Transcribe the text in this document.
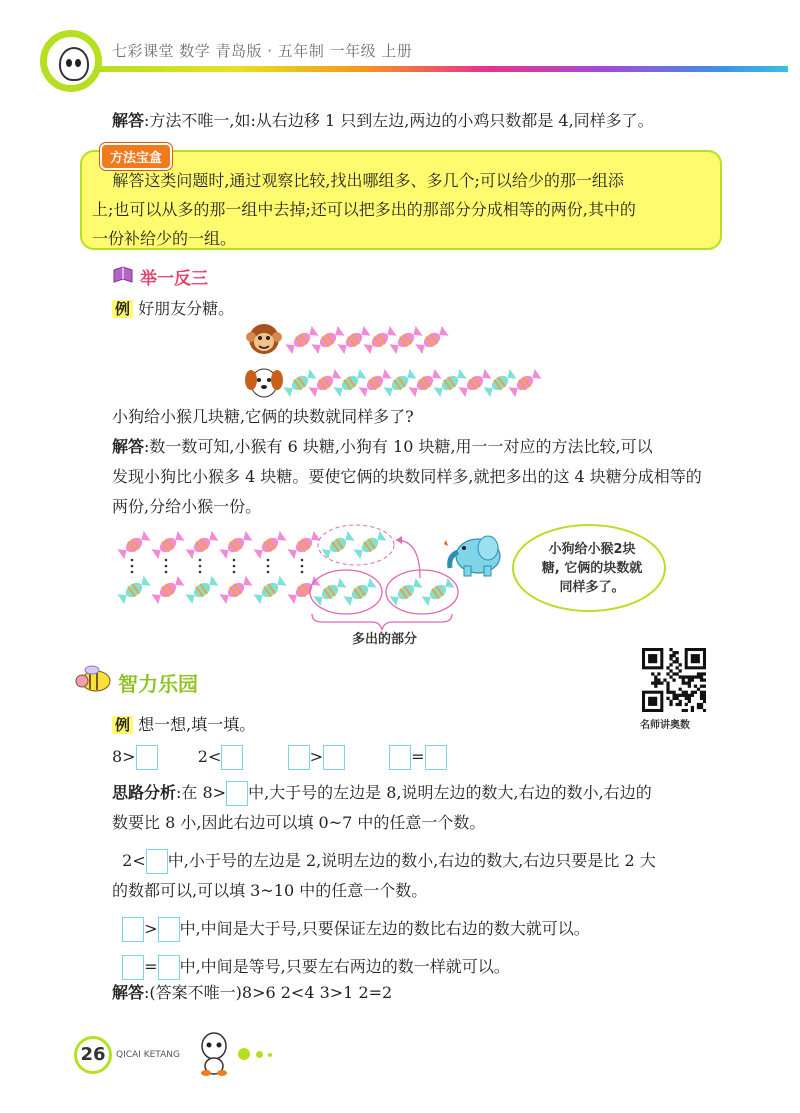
七彩课堂 数学 青岛版 · 五年制 一年级 上册
解答:方法不唯一,如:从右边移 1 只到左边,两边的小鸡只数都是 4,同样多了。
方法宝盒
解答这类问题时,通过观察比较,找出哪组多、多几个;可以给少的那一组添
上;也可以从多的那一组中去掉;还可以把多出的那部分分成相等的两份,其中的
一份补给少的一组。
举一反三
例 好朋友分糖。
小狗给小猴几块糖,它俩的块数就同样多了?
解答:数一数可知,小猴有 6 块糖,小狗有 10 块糖,用一一对应的方法比较,可以
发现小狗比小猴多 4 块糖。要使它俩的块数同样多,就把多出的这 4 块糖分成相等的
两份,分给小猴一份。
小狗给小猴2块
糖, 它俩的块数就
同样多了。
多出的部分
智力乐园
名师讲奥数
例 想一想,填一填。
8>	2<	>	=
思路分析:在 8> 中,大于号的左边是 8,说明左边的数大,右边的数小,右边的
数要比 8 小,因此右边可以填 0~7 中的任意一个数。
2< 中,小于号的左边是 2,说明左边的数小,右边的数大,右边只要是比 2 大
的数都可以,可以填 3~10 中的任意一个数。
> 中,中间是大于号,只要保证左边的数比右边的数大就可以。
= 中,中间是等号,只要左右两边的数一样就可以。
解答:(答案不唯一)8>6 2<4 3>1 2=2
26	QICAI KETANG
